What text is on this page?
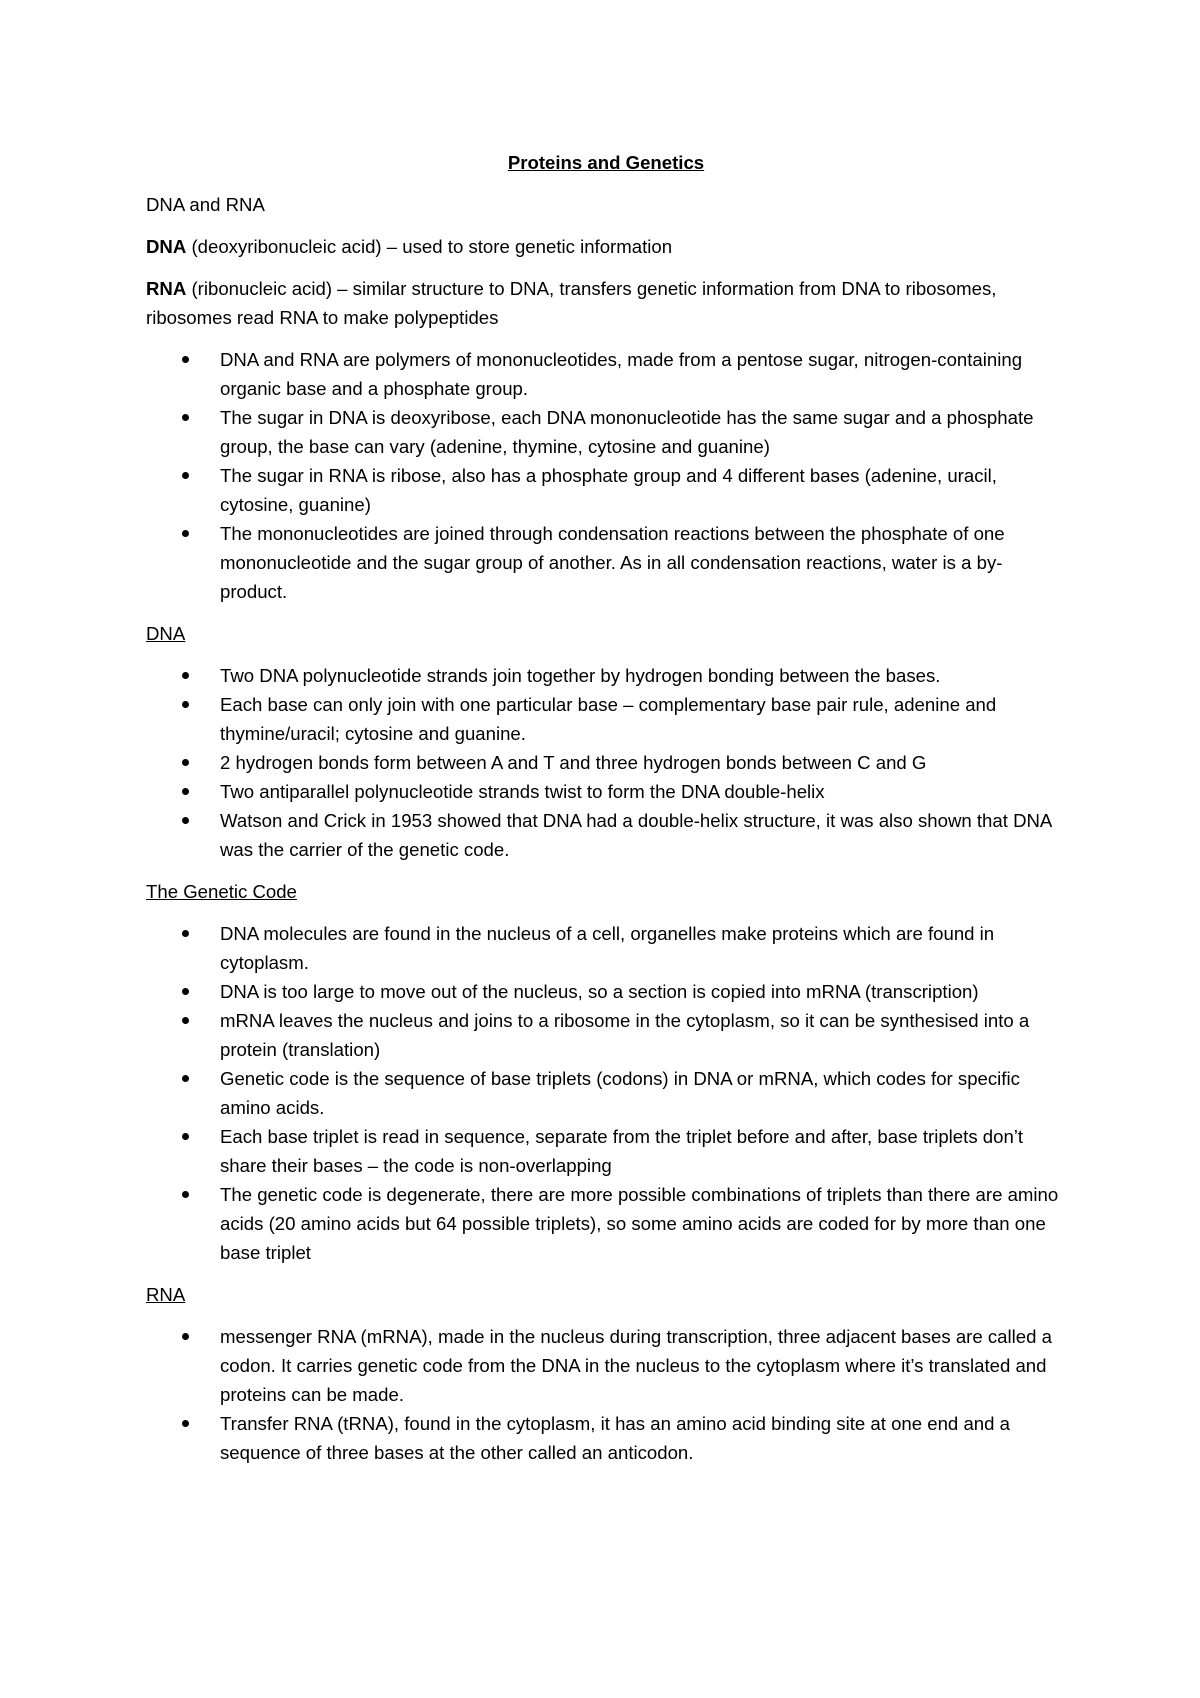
Proteins and Genetics
DNA and RNA
DNA (deoxyribonucleic acid) – used to store genetic information
RNA (ribonucleic acid) – similar structure to DNA, transfers genetic information from DNA to ribosomes, ribosomes read RNA to make polypeptides
DNA and RNA are polymers of mononucleotides, made from a pentose sugar, nitrogen-containing organic base and a phosphate group.
The sugar in DNA is deoxyribose, each DNA mononucleotide has the same sugar and a phosphate group, the base can vary (adenine, thymine, cytosine and guanine)
The sugar in RNA is ribose, also has a phosphate group and 4 different bases (adenine, uracil, cytosine, guanine)
The mononucleotides are joined through condensation reactions between the phosphate of one mononucleotide and the sugar group of another. As in all condensation reactions, water is a by-product.
DNA
Two DNA polynucleotide strands join together by hydrogen bonding between the bases.
Each base can only join with one particular base – complementary base pair rule, adenine and thymine/uracil; cytosine and guanine.
2 hydrogen bonds form between A and T and three hydrogen bonds between C and G
Two antiparallel polynucleotide strands twist to form the DNA double-helix
Watson and Crick in 1953 showed that DNA had a double-helix structure, it was also shown that DNA was the carrier of the genetic code.
The Genetic Code
DNA molecules are found in the nucleus of a cell, organelles make proteins which are found in cytoplasm.
DNA is too large to move out of the nucleus, so a section is copied into mRNA (transcription)
mRNA leaves the nucleus and joins to a ribosome in the cytoplasm, so it can be synthesised into a protein (translation)
Genetic code is the sequence of base triplets (codons) in DNA or mRNA, which codes for specific amino acids.
Each base triplet is read in sequence, separate from the triplet before and after, base triplets don’t share their bases – the code is non-overlapping
The genetic code is degenerate, there are more possible combinations of triplets than there are amino acids (20 amino acids but 64 possible triplets), so some amino acids are coded for by more than one base triplet
RNA
messenger RNA (mRNA), made in the nucleus during transcription, three adjacent bases are called a codon. It carries genetic code from the DNA in the nucleus to the cytoplasm where it’s translated and proteins can be made.
Transfer RNA (tRNA), found in the cytoplasm, it has an amino acid binding site at one end and a sequence of three bases at the other called an anticodon.
